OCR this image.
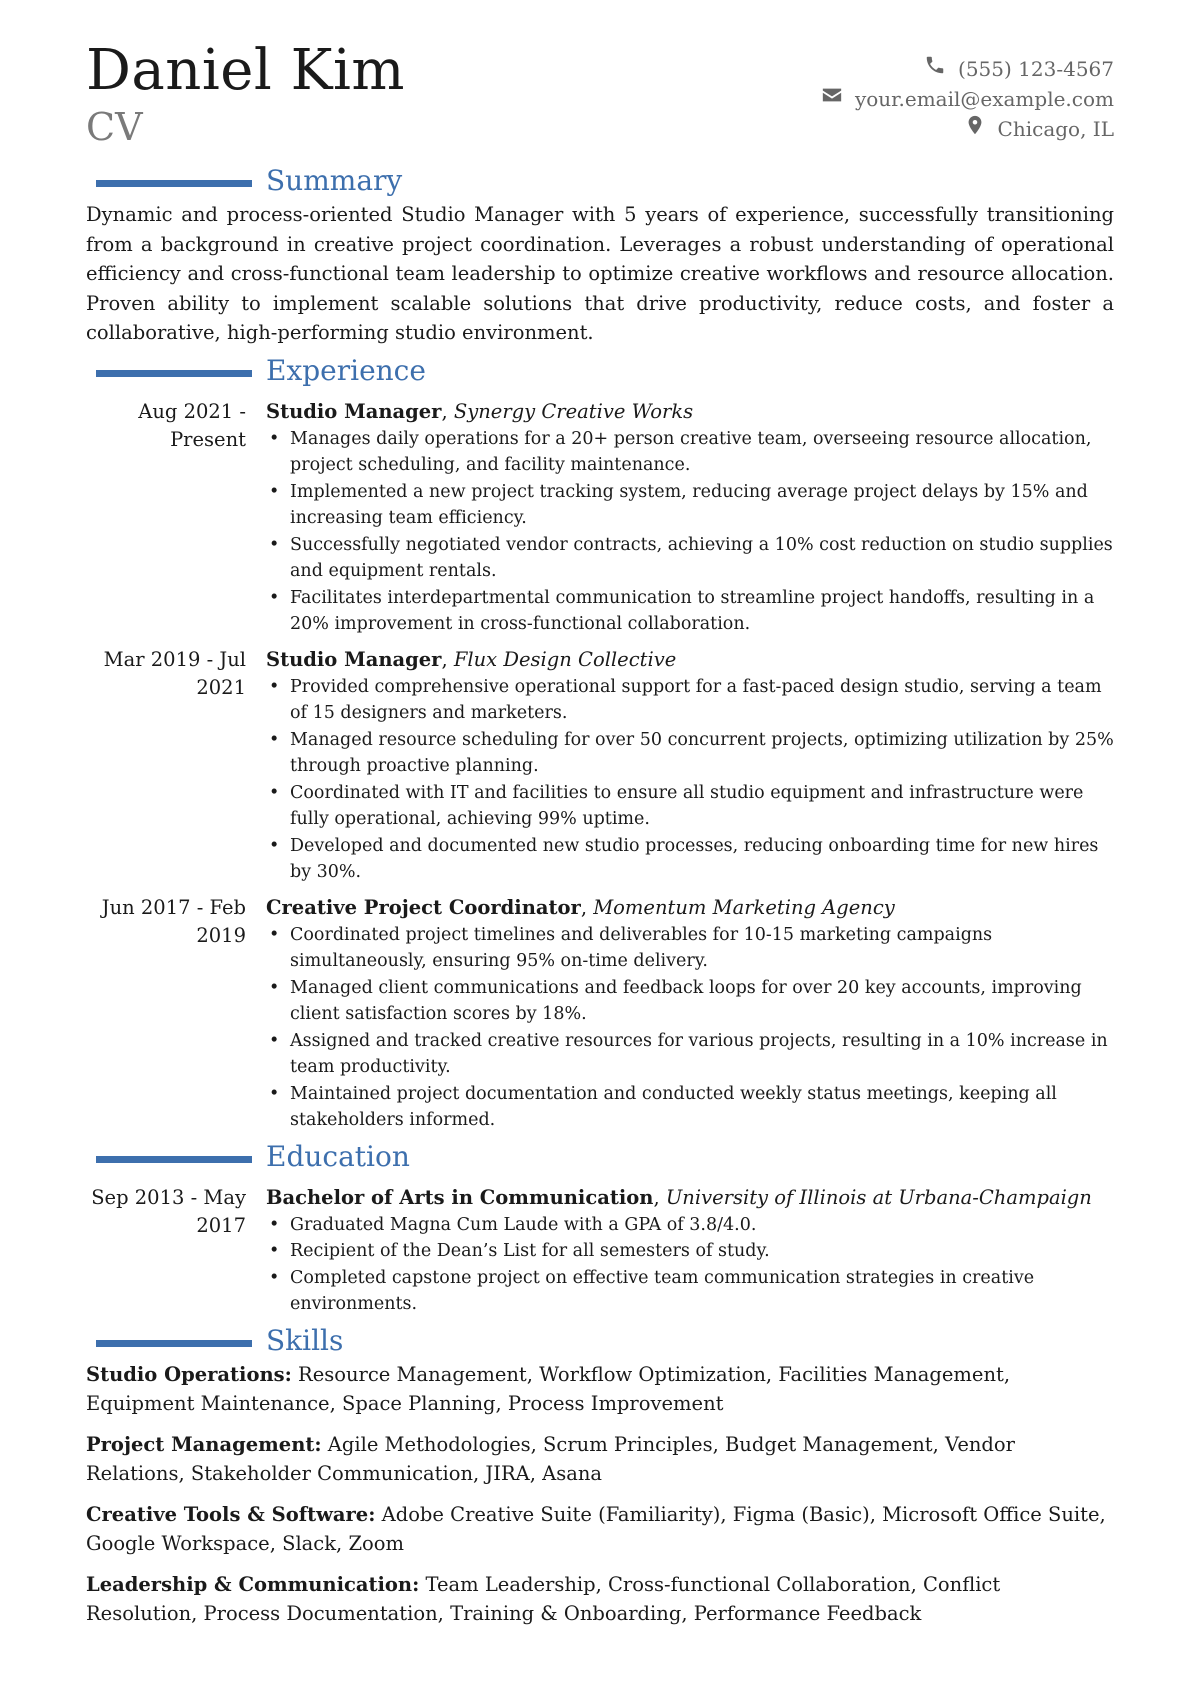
Daniel Kim
CV
(555) 123-4567
your.email@example.com
Chicago, IL
Summary

Dynamic and process-oriented Studio Manager with 5 years of experience, successfully transitioning from a background in creative project coordination. Leverages a robust understanding of operational efficiency and cross-functional team leadership to optimize creative workflows and resource allocation. Proven ability to implement scalable solutions that drive productivity, reduce costs, and foster a collaborative, high-performing studio environment.

Experience
Aug 2021 -
Present
Studio Manager, Synergy Creative Works
• Manages daily operations for a 20+ person creative team, overseeing resource allocation, project scheduling, and facility maintenance.
• Implemented a new project tracking system, reducing average project delays by 15% and increasing team efficiency.
• Successfully negotiated vendor contracts, achieving a 10% cost reduction on studio supplies and equipment rentals.
• Facilitates interdepartmental communication to streamline project handoffs, resulting in a 20% improvement in cross-functional collaboration.
Mar 2019 - Jul
2021
Studio Manager, Flux Design Collective
• Provided comprehensive operational support for a fast-paced design studio, serving a team of 15 designers and marketers.
• Managed resource scheduling for over 50 concurrent projects, optimizing utilization by 25% through proactive planning.
• Coordinated with IT and facilities to ensure all studio equipment and infrastructure were fully operational, achieving 99% uptime.
• Developed and documented new studio processes, reducing onboarding time for new hires by 30%.
Jun 2017 - Feb
2019
Creative Project Coordinator, Momentum Marketing Agency
• Coordinated project timelines and deliverables for 10-15 marketing campaigns simultaneously, ensuring 95% on-time delivery.
• Managed client communications and feedback loops for over 20 key accounts, improving client satisfaction scores by 18%.
• Assigned and tracked creative resources for various projects, resulting in a 10% increase in team productivity.
• Maintained project documentation and conducted weekly status meetings, keeping all stakeholders informed.
Education
Sep 2013 - May
2017
Bachelor of Arts in Communication, University of Illinois at Urbana-Champaign
• Graduated Magna Cum Laude with a GPA of 3.8/4.0.
• Recipient of the Dean’s List for all semesters of study.
• Completed capstone project on effective team communication strategies in creative environments.
Skills

Studio Operations: Resource Management, Workflow Optimization, Facilities Management, Equipment Maintenance, Space Planning, Process Improvement

Project Management: Agile Methodologies, Scrum Principles, Budget Management, Vendor Relations, Stakeholder Communication, JIRA, Asana

Creative Tools & Software: Adobe Creative Suite (Familiarity), Figma (Basic), Microsoft Office Suite, Google Workspace, Slack, Zoom

Leadership & Communication: Team Leadership, Cross-functional Collaboration, Conflict Resolution, Process Documentation, Training & Onboarding, Performance Feedback
